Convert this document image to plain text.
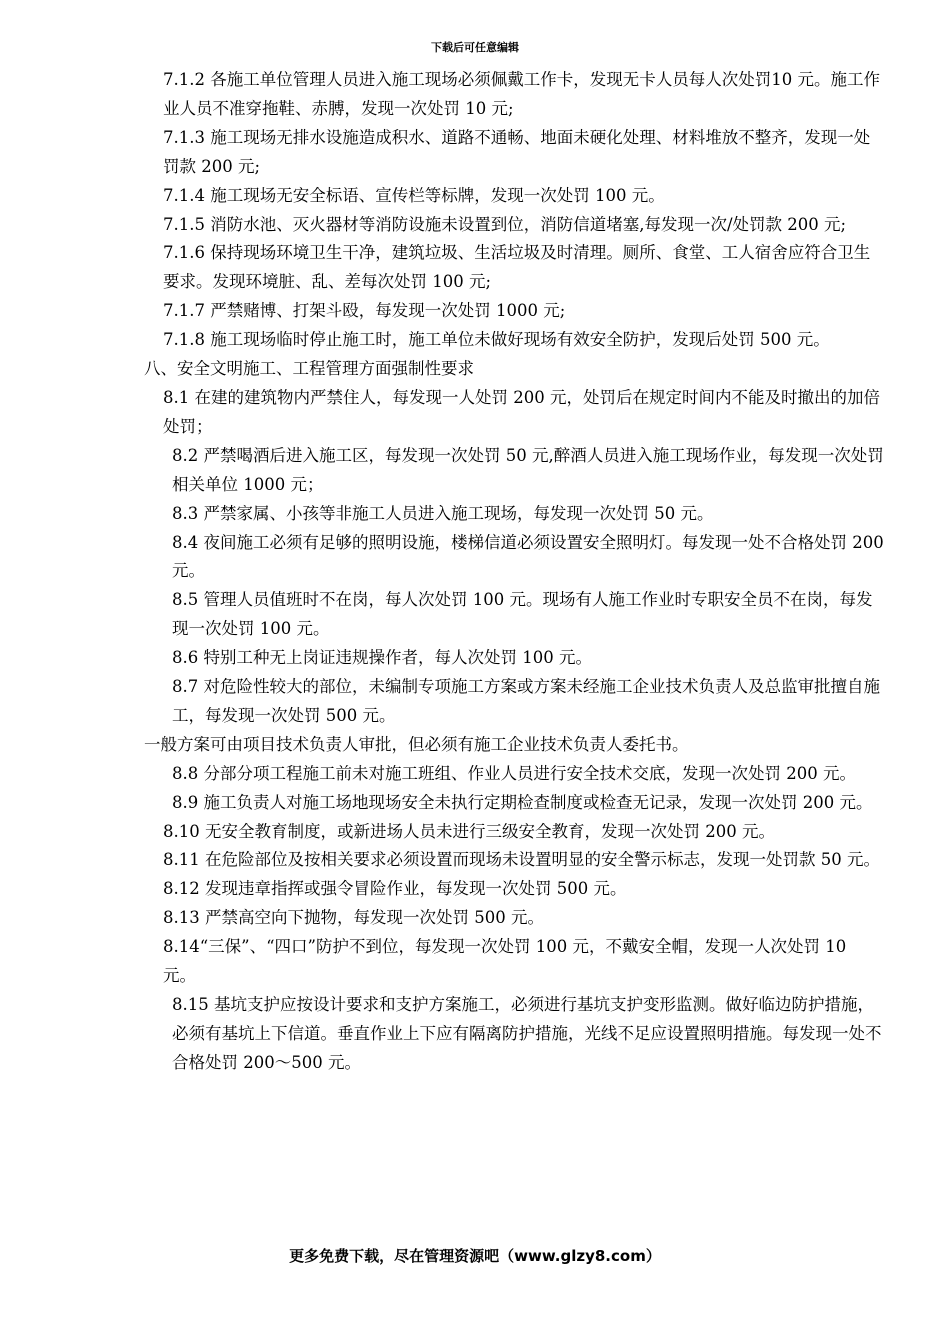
下载后可任意编辑

7.1.2 各施工单位管理人员进入施工现场必须佩戴工作卡，发现无卡人员每人次处罚10 元。施工作业人员不准穿拖鞋、赤膊，发现一次处罚 10 元;

7.1.3 施工现场无排水设施造成积水、道路不通畅、地面未硬化处理、材料堆放不整齐，发现一处罚款 200 元;

7.1.4 施工现场无安全标语、宣传栏等标牌，发现一次处罚 100 元。

7.1.5 消防水池、灭火器材等消防设施未设置到位，消防信道堵塞,每发现一次/处罚款 200 元;

7.1.6 保持现场环境卫生干净，建筑垃圾、生活垃圾及时清理。厕所、食堂、工人宿舍应符合卫生要求。发现环境脏、乱、差每次处罚 100 元;

7.1.7 严禁赌博、打架斗殴，每发现一次处罚 1000 元;

7.1.8 施工现场临时停止施工时，施工单位未做好现场有效安全防护，发现后处罚 500 元。

八、安全文明施工、工程管理方面强制性要求

8.1 在建的建筑物内严禁住人，每发现一人处罚 200 元，处罚后在规定时间内不能及时撤出的加倍处罚；

8.2 严禁喝酒后进入施工区，每发现一次处罚 50 元,醉酒人员进入施工现场作业，每发现一次处罚相关单位 1000 元；

8.3 严禁家属、小孩等非施工人员进入施工现场，每发现一次处罚 50 元。

8.4 夜间施工必须有足够的照明设施，楼梯信道必须设置安全照明灯。每发现一处不合格处罚 200 元。

8.5 管理人员值班时不在岗，每人次处罚 100 元。现场有人施工作业时专职安全员不在岗，每发现一次处罚 100 元。

8.6 特别工种无上岗证违规操作者，每人次处罚 100 元。

8.7 对危险性较大的部位，未编制专项施工方案或方案未经施工企业技术负责人及总监审批擅自施工，每发现一次处罚 500 元。

一般方案可由项目技术负责人审批，但必须有施工企业技术负责人委托书。

8.8 分部分项工程施工前未对施工班组、作业人员进行安全技术交底，发现一次处罚 200 元。

8.9 施工负责人对施工场地现场安全未执行定期检查制度或检查无记录，发现一次处罚 200 元。

8.10 无安全教育制度，或新进场人员未进行三级安全教育，发现一次处罚 200 元。

8.11 在危险部位及按相关要求必须设置而现场未设置明显的安全警示标志，发现一处罚款 50 元。

8.12 发现违章指挥或强令冒险作业，每发现一次处罚 500 元。

8.13 严禁高空向下抛物，每发现一次处罚 500 元。

8.14“三保”、“四口”防护不到位，每发现一次处罚 100 元，不戴安全帽，发现一人次处罚 10 元。

8.15 基坑支护应按设计要求和支护方案施工，必须进行基坑支护变形监测。做好临边防护措施，必须有基坑上下信道。垂直作业上下应有隔离防护措施，光线不足应设置照明措施。每发现一处不合格处罚 200～500 元。

更多免费下载，尽在管理资源吧（www.glzy8.com）
